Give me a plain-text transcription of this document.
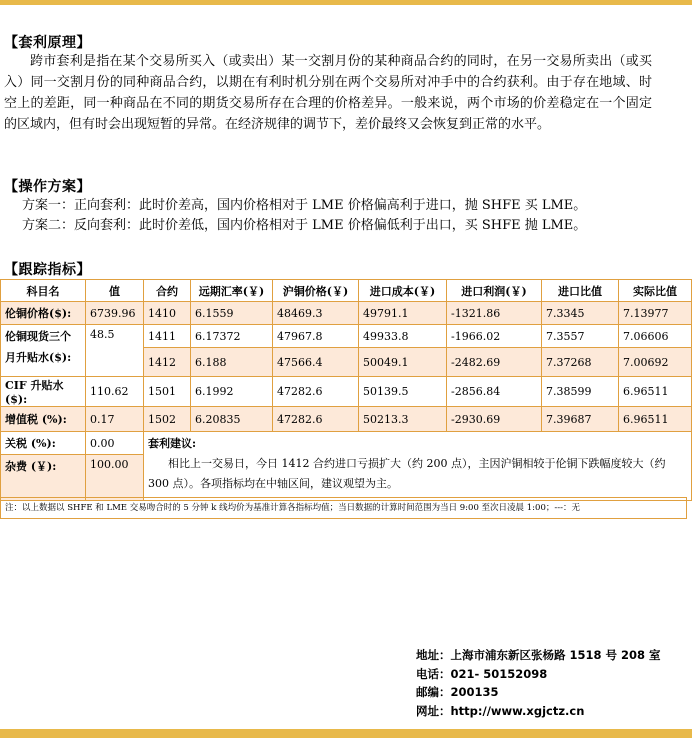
【套利原理】
跨市套利是指在某个交易所买入（或卖出）某一交割月份的某种商品合约的同时，在另一交易所卖出（或买入）同一交割月份的同种商品合约，以期在有利时机分别在两个交易所对冲手中的合约获利。由于存在地域、时空上的差距，同一种商品在不同的期货交易所存在合理的价格差异。一般来说，两个市场的价差稳定在一个固定的区域内，但有时会出现短暂的异常。在经济规律的调节下，差价最终又会恢复到正常的水平。
【操作方案】
方案一：正向套利：此时价差高，国内价格相对于 LME 价格偏高利于进口，抛 SHFE 买 LME。
方案二：反向套利：此时价差低，国内价格相对于 LME 价格偏低利于出口，买 SHFE 抛 LME。
【跟踪指标】
科目名	值	合约	远期汇率(￥)	沪铜价格(￥)	进口成本(￥)	进口利润(￥)	进口比值	实际比值
伦铜价格($):	6739.96	1410	6.1559	48469.3	49791.1	-1321.86	7.3345	7.13977
伦铜现货三个月升贴水($):	48.5	1411	6.17372	47967.8	49933.8	-1966.02	7.3557	7.06606
		1412	6.188	47566.4	50049.1	-2482.69	7.37268	7.00692
CIF 升贴水($):	110.62	1501	6.1992	47282.6	50139.5	-2856.84	7.38599	6.96511
增值税 (%):	0.17	1502	6.20835	47282.6	50213.3	-2930.69	7.39687	6.96511
关税 (%):	0.00	套利建议:
相比上一交易日，今日 1412 合约进口亏损扩大（约 200 点），主因沪铜相较于伦铜下跌幅度较大（约 300 点）。各项指标均在中轴区间，建议观望为主。						

杂费 (￥):	100.00							
注：以上数据以 SHFE 和 LME 交易吻合时的 5 分钟 k 线均价为基准计算各指标均值；当日数据的计算时间范围为当日 9:00 至次日凌晨 1:00；---：无
地址：上海市浦东新区张杨路 1518 号 208 室
电话：021- 50152098
邮编：200135
网址：http://www.xgjctz.cn
